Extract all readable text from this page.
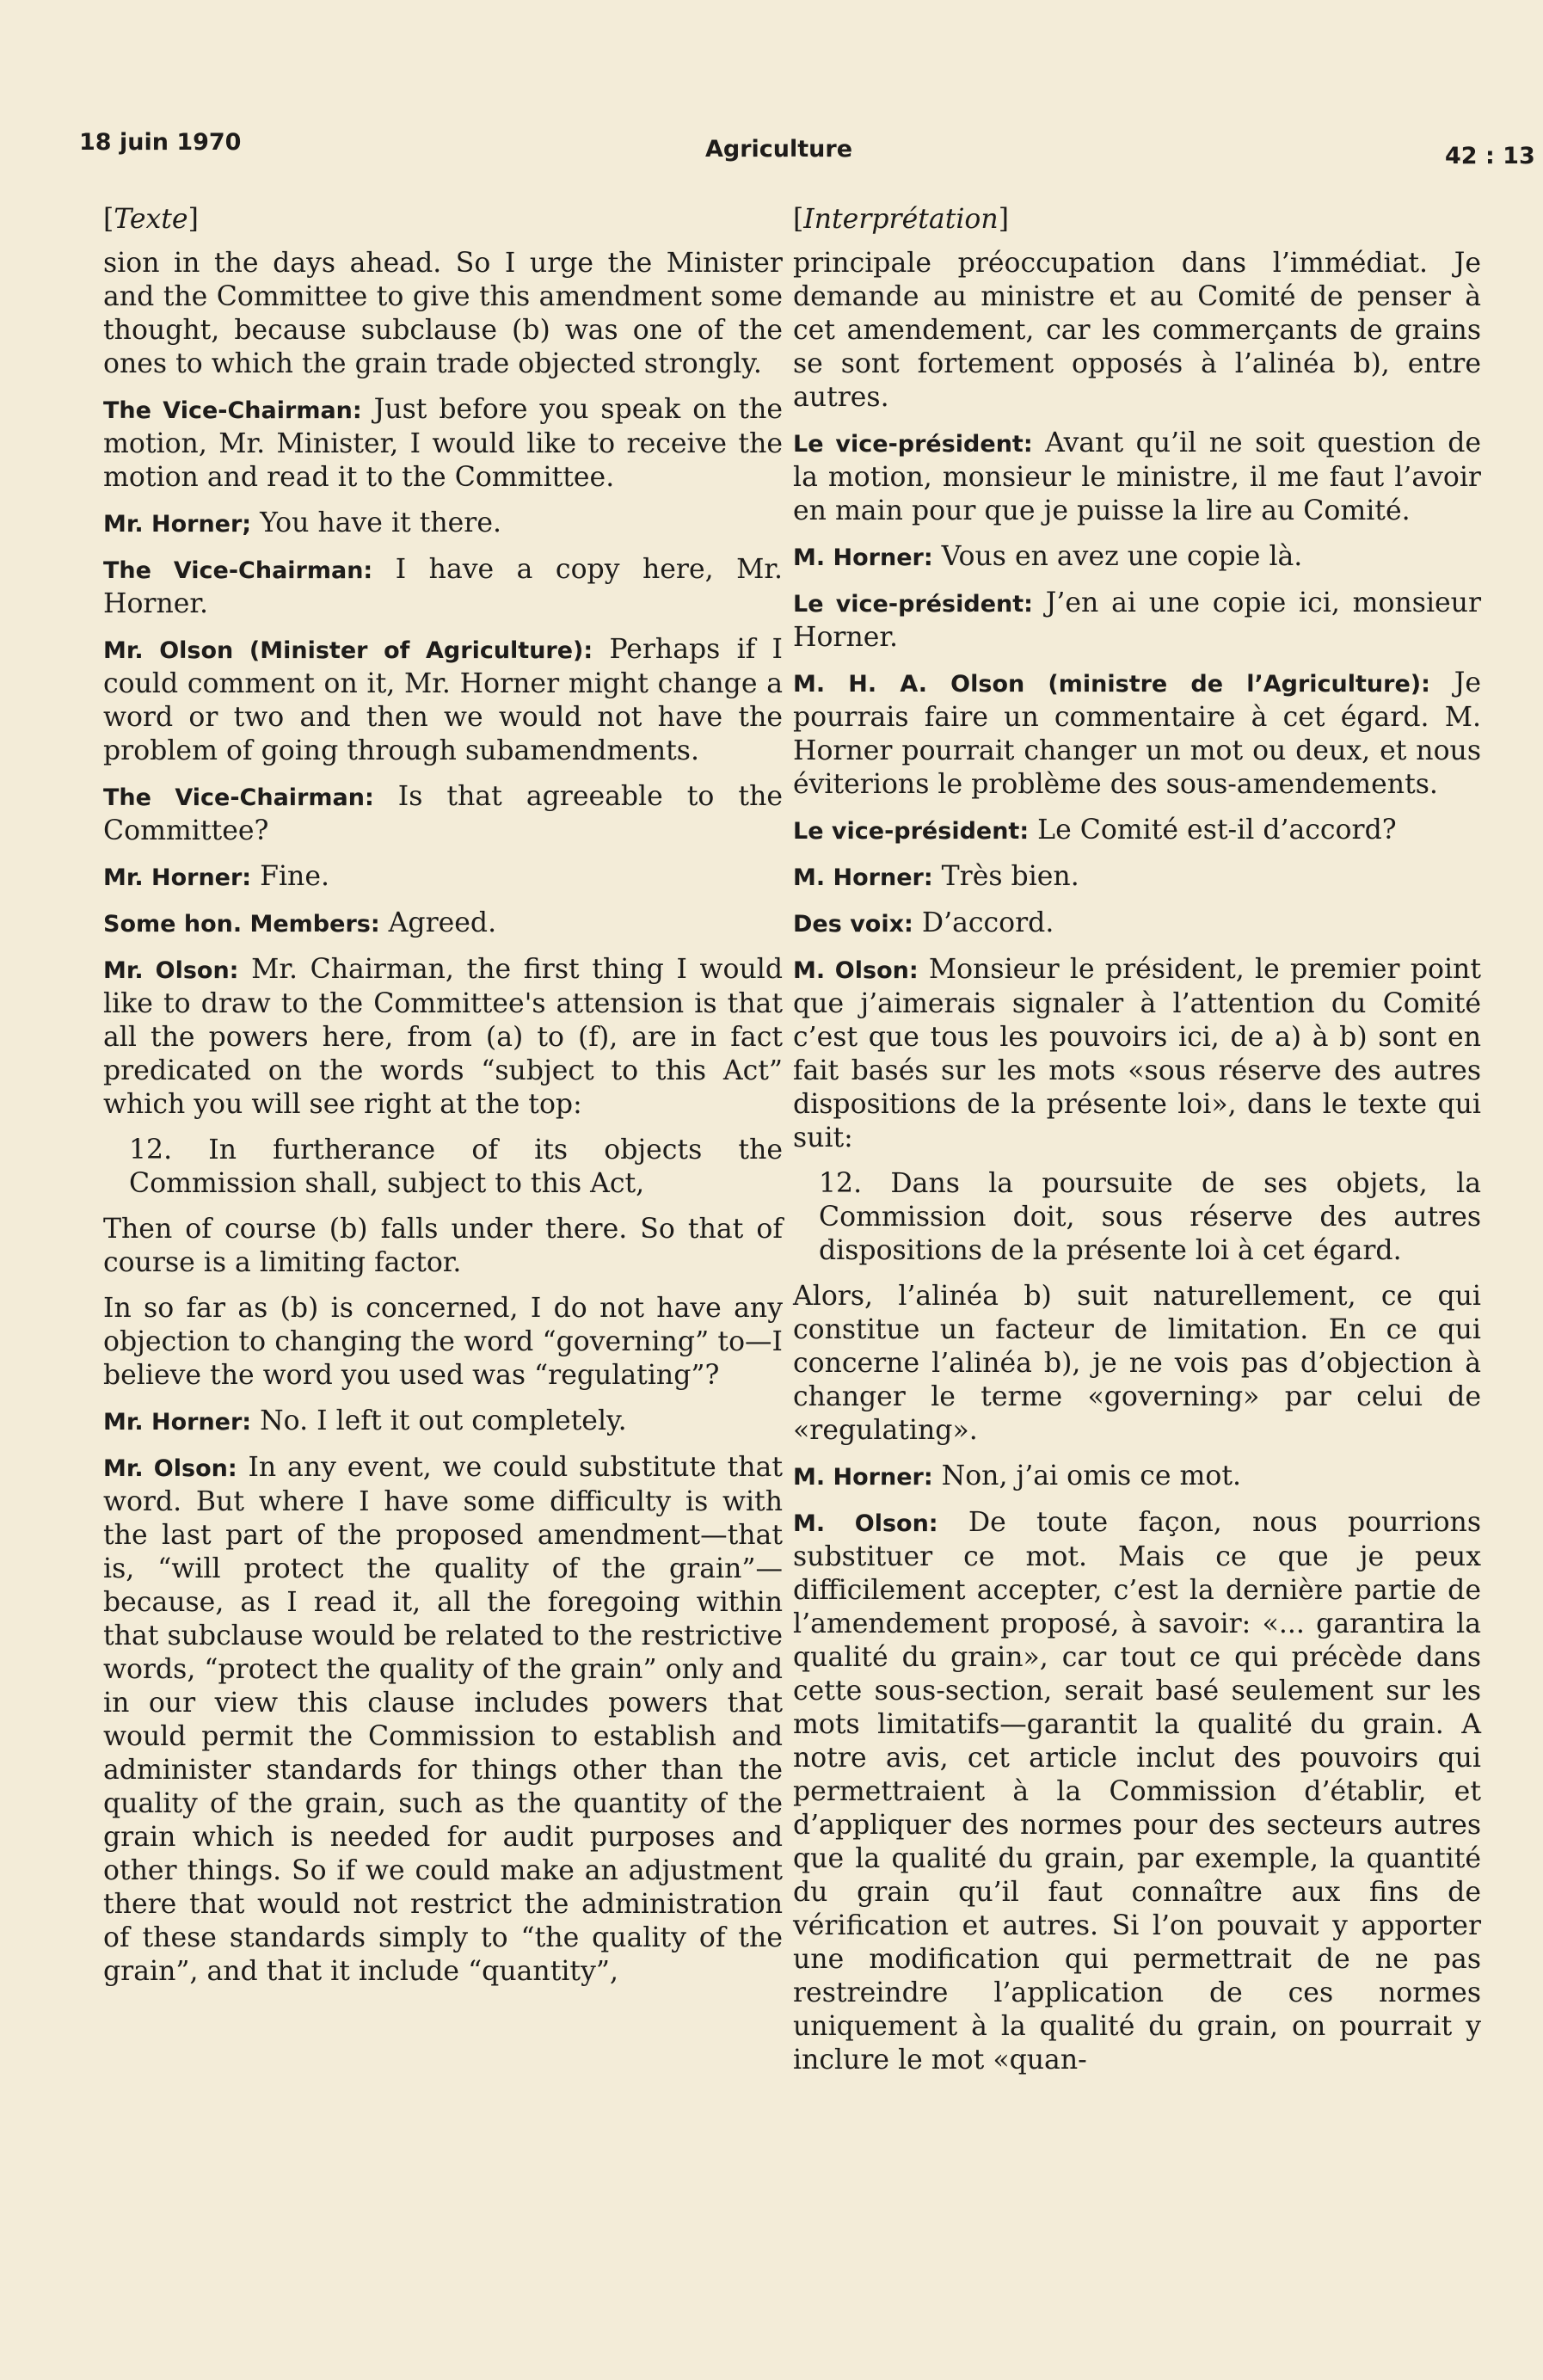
18 juin 1970	Agriculture	42 : 13
[Texte]

sion in the days ahead. So I urge the Minister and the Committee to give this amendment some thought, because subclause (b) was one of the ones to which the grain trade objected strongly.

The Vice-Chairman: Just before you speak on the motion, Mr. Minister, I would like to receive the motion and read it to the Committee.

Mr. Horner; You have it there.

The Vice-Chairman: I have a copy here, Mr. Horner.

Mr. Olson (Minister of Agriculture): Perhaps if I could comment on it, Mr. Horner might change a word or two and then we would not have the problem of going through subamendments.

The Vice-Chairman: Is that agreeable to the Committee?

Mr. Horner: Fine.

Some hon. Members: Agreed.

Mr. Olson: Mr. Chairman, the first thing I would like to draw to the Committee's attension is that all the powers here, from (a) to (f), are in fact predicated on the words “subject to this Act” which you will see right at the top:

12. In furtherance of its objects the Commission shall, subject to this Act,

Then of course (b) falls under there. So that of course is a limiting factor.

In so far as (b) is concerned, I do not have any objection to changing the word “governing” to—I believe the word you used was “regulating”?

Mr. Horner: No. I left it out completely.

Mr. Olson: In any event, we could substitute that word. But where I have some difficulty is with the last part of the proposed amendment—that is, “will protect the quality of the grain”—because, as I read it, all the foregoing within that subclause would be related to the restrictive words, “protect the quality of the grain” only and in our view this clause includes powers that would permit the Commission to establish and administer standards for things other than the quality of the grain, such as the quantity of the grain which is needed for audit purposes and other things. So if we could make an adjustment there that would not restrict the administration of these standards simply to “the quality of the grain”, and that it include “quantity”,

[Interprétation]

principale préoccupation dans l’immédiat. Je demande au ministre et au Comité de penser à cet amendement, car les commerçants de grains se sont fortement opposés à l’alinéa b), entre autres.

Le vice-président: Avant qu’il ne soit question de la motion, monsieur le ministre, il me faut l’avoir en main pour que je puisse la lire au Comité.

M. Horner: Vous en avez une copie là.

Le vice-président: J’en ai une copie ici, monsieur Horner.

M. H. A. Olson (ministre de l’Agriculture): Je pourrais faire un commentaire à cet égard. M. Horner pourrait changer un mot ou deux, et nous éviterions le problème des sous-amendements.

Le vice-président: Le Comité est-il d’accord?

M. Horner: Très bien.

Des voix: D’accord.

M. Olson: Monsieur le président, le premier point que j’aimerais signaler à l’attention du Comité c’est que tous les pouvoirs ici, de a) à b) sont en fait basés sur les mots «sous réserve des autres dispositions de la présente loi», dans le texte qui suit:

12. Dans la poursuite de ses objets, la Commission doit, sous réserve des autres dispositions de la présente loi à cet égard.

Alors, l’alinéa b) suit naturellement, ce qui constitue un facteur de limitation. En ce qui concerne l’alinéa b), je ne vois pas d’objection à changer le terme «governing» par celui de «regulating».

M. Horner: Non, j’ai omis ce mot.

M. Olson: De toute façon, nous pourrions substituer ce mot. Mais ce que je peux difficilement accepter, c’est la dernière partie de l’amendement proposé, à savoir: «... garantira la qualité du grain», car tout ce qui précède dans cette sous-section, serait basé seulement sur les mots limitatifs—garantit la qualité du grain. A notre avis, cet article inclut des pouvoirs qui permettraient à la Commission d’établir, et d’appliquer des normes pour des secteurs autres que la qualité du grain, par exemple, la quantité du grain qu’il faut connaître aux fins de vérification et autres. Si l’on pouvait y apporter une modification qui permettrait de ne pas restreindre l’application de ces normes uniquement à la qualité du grain, on pourrait y inclure le mot «quan-
